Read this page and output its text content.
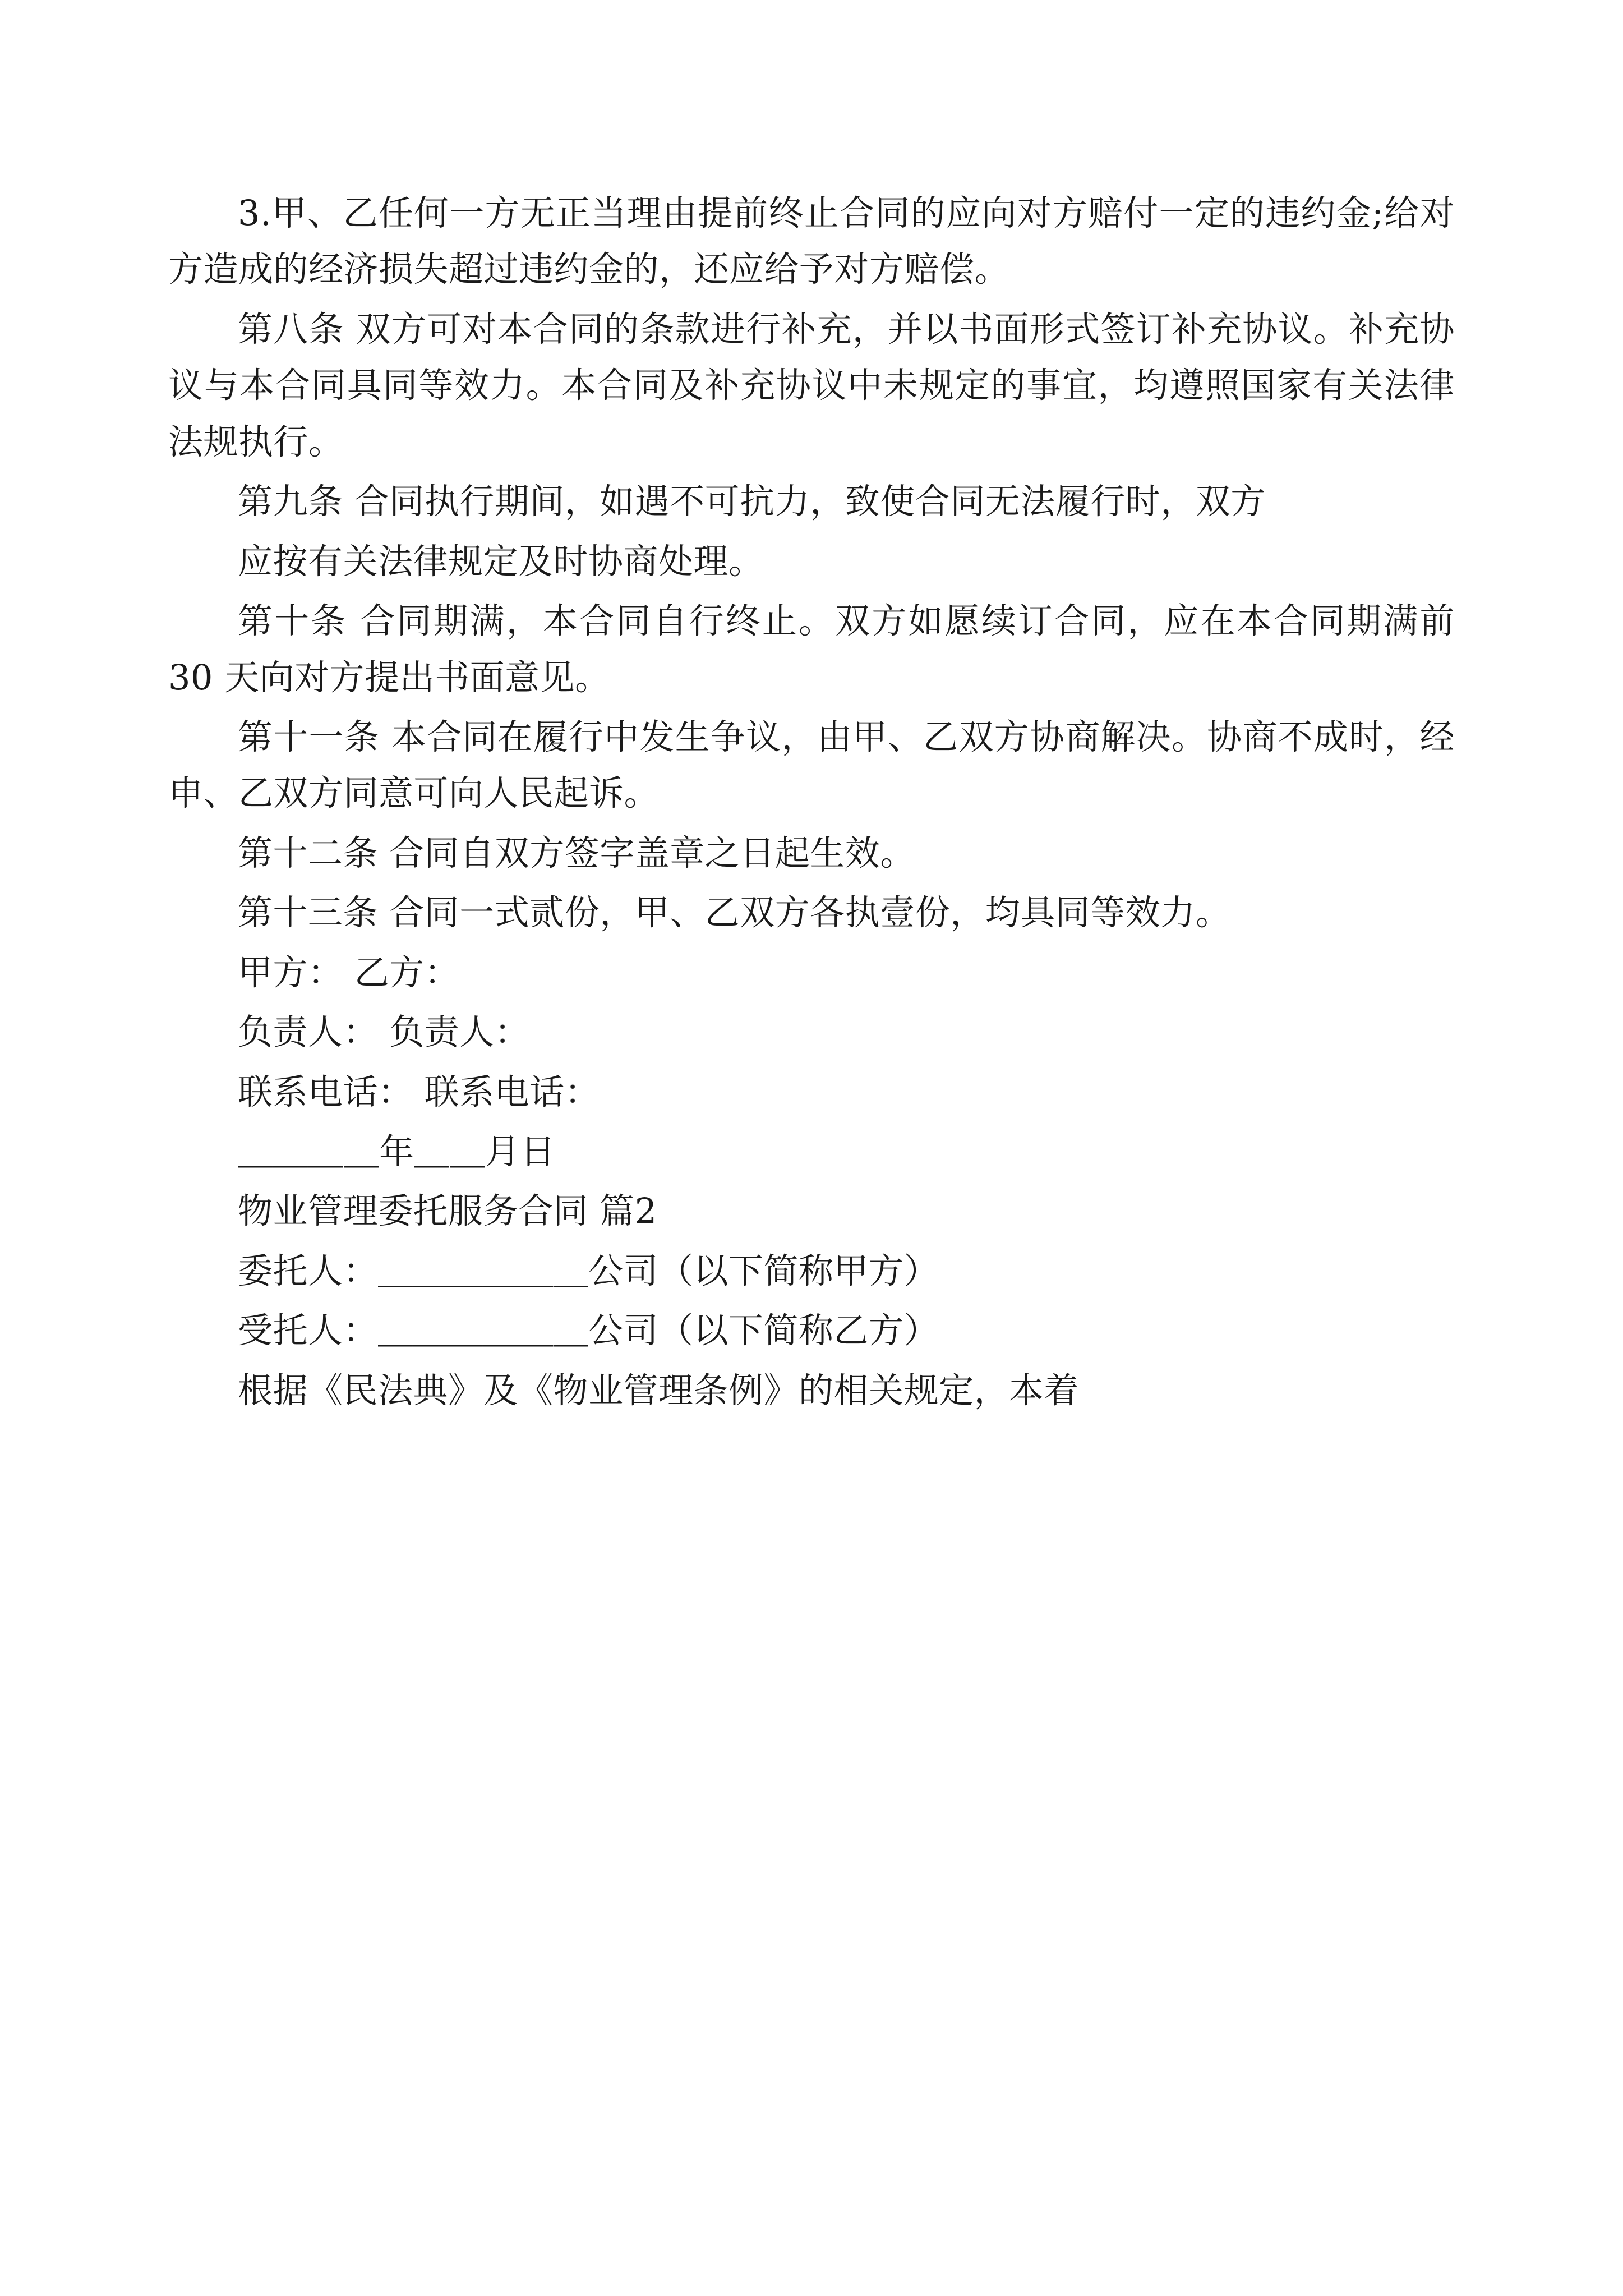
3.甲、乙任何一方无正当理由提前终止合同的应向对方赔付一定的违约金;给对方造成的经济损失超过违约金的，还应给予对方赔偿。

第八条 双方可对本合同的条款进行补充，并以书面形式签订补充协议。补充协议与本合同具同等效力。本合同及补充协议中未规定的事宜，均遵照国家有关法律法规执行。

第九条 合同执行期间，如遇不可抗力，致使合同无法履行时，双方

应按有关法律规定及时协商处理。

第十条 合同期满，本合同自行终止。双方如愿续订合同，应在本合同期满前 30 天向对方提出书面意见。

第十一条 本合同在履行中发生争议，由甲、乙双方协商解决。协商不成时，经申、乙双方同意可向人民起诉。

第十二条 合同自双方签字盖章之日起生效。

第十三条 合同一式贰份，甲、乙双方各执壹份，均具同等效力。

甲方： 乙方：

负责人： 负责人：

联系电话： 联系电话：

＿＿＿＿年＿＿月日

物业管理委托服务合同 篇2

委托人：＿＿＿＿＿＿公司（以下简称甲方）

受托人：＿＿＿＿＿＿公司（以下简称乙方）

根据《民法典》及《物业管理条例》的相关规定，本着
